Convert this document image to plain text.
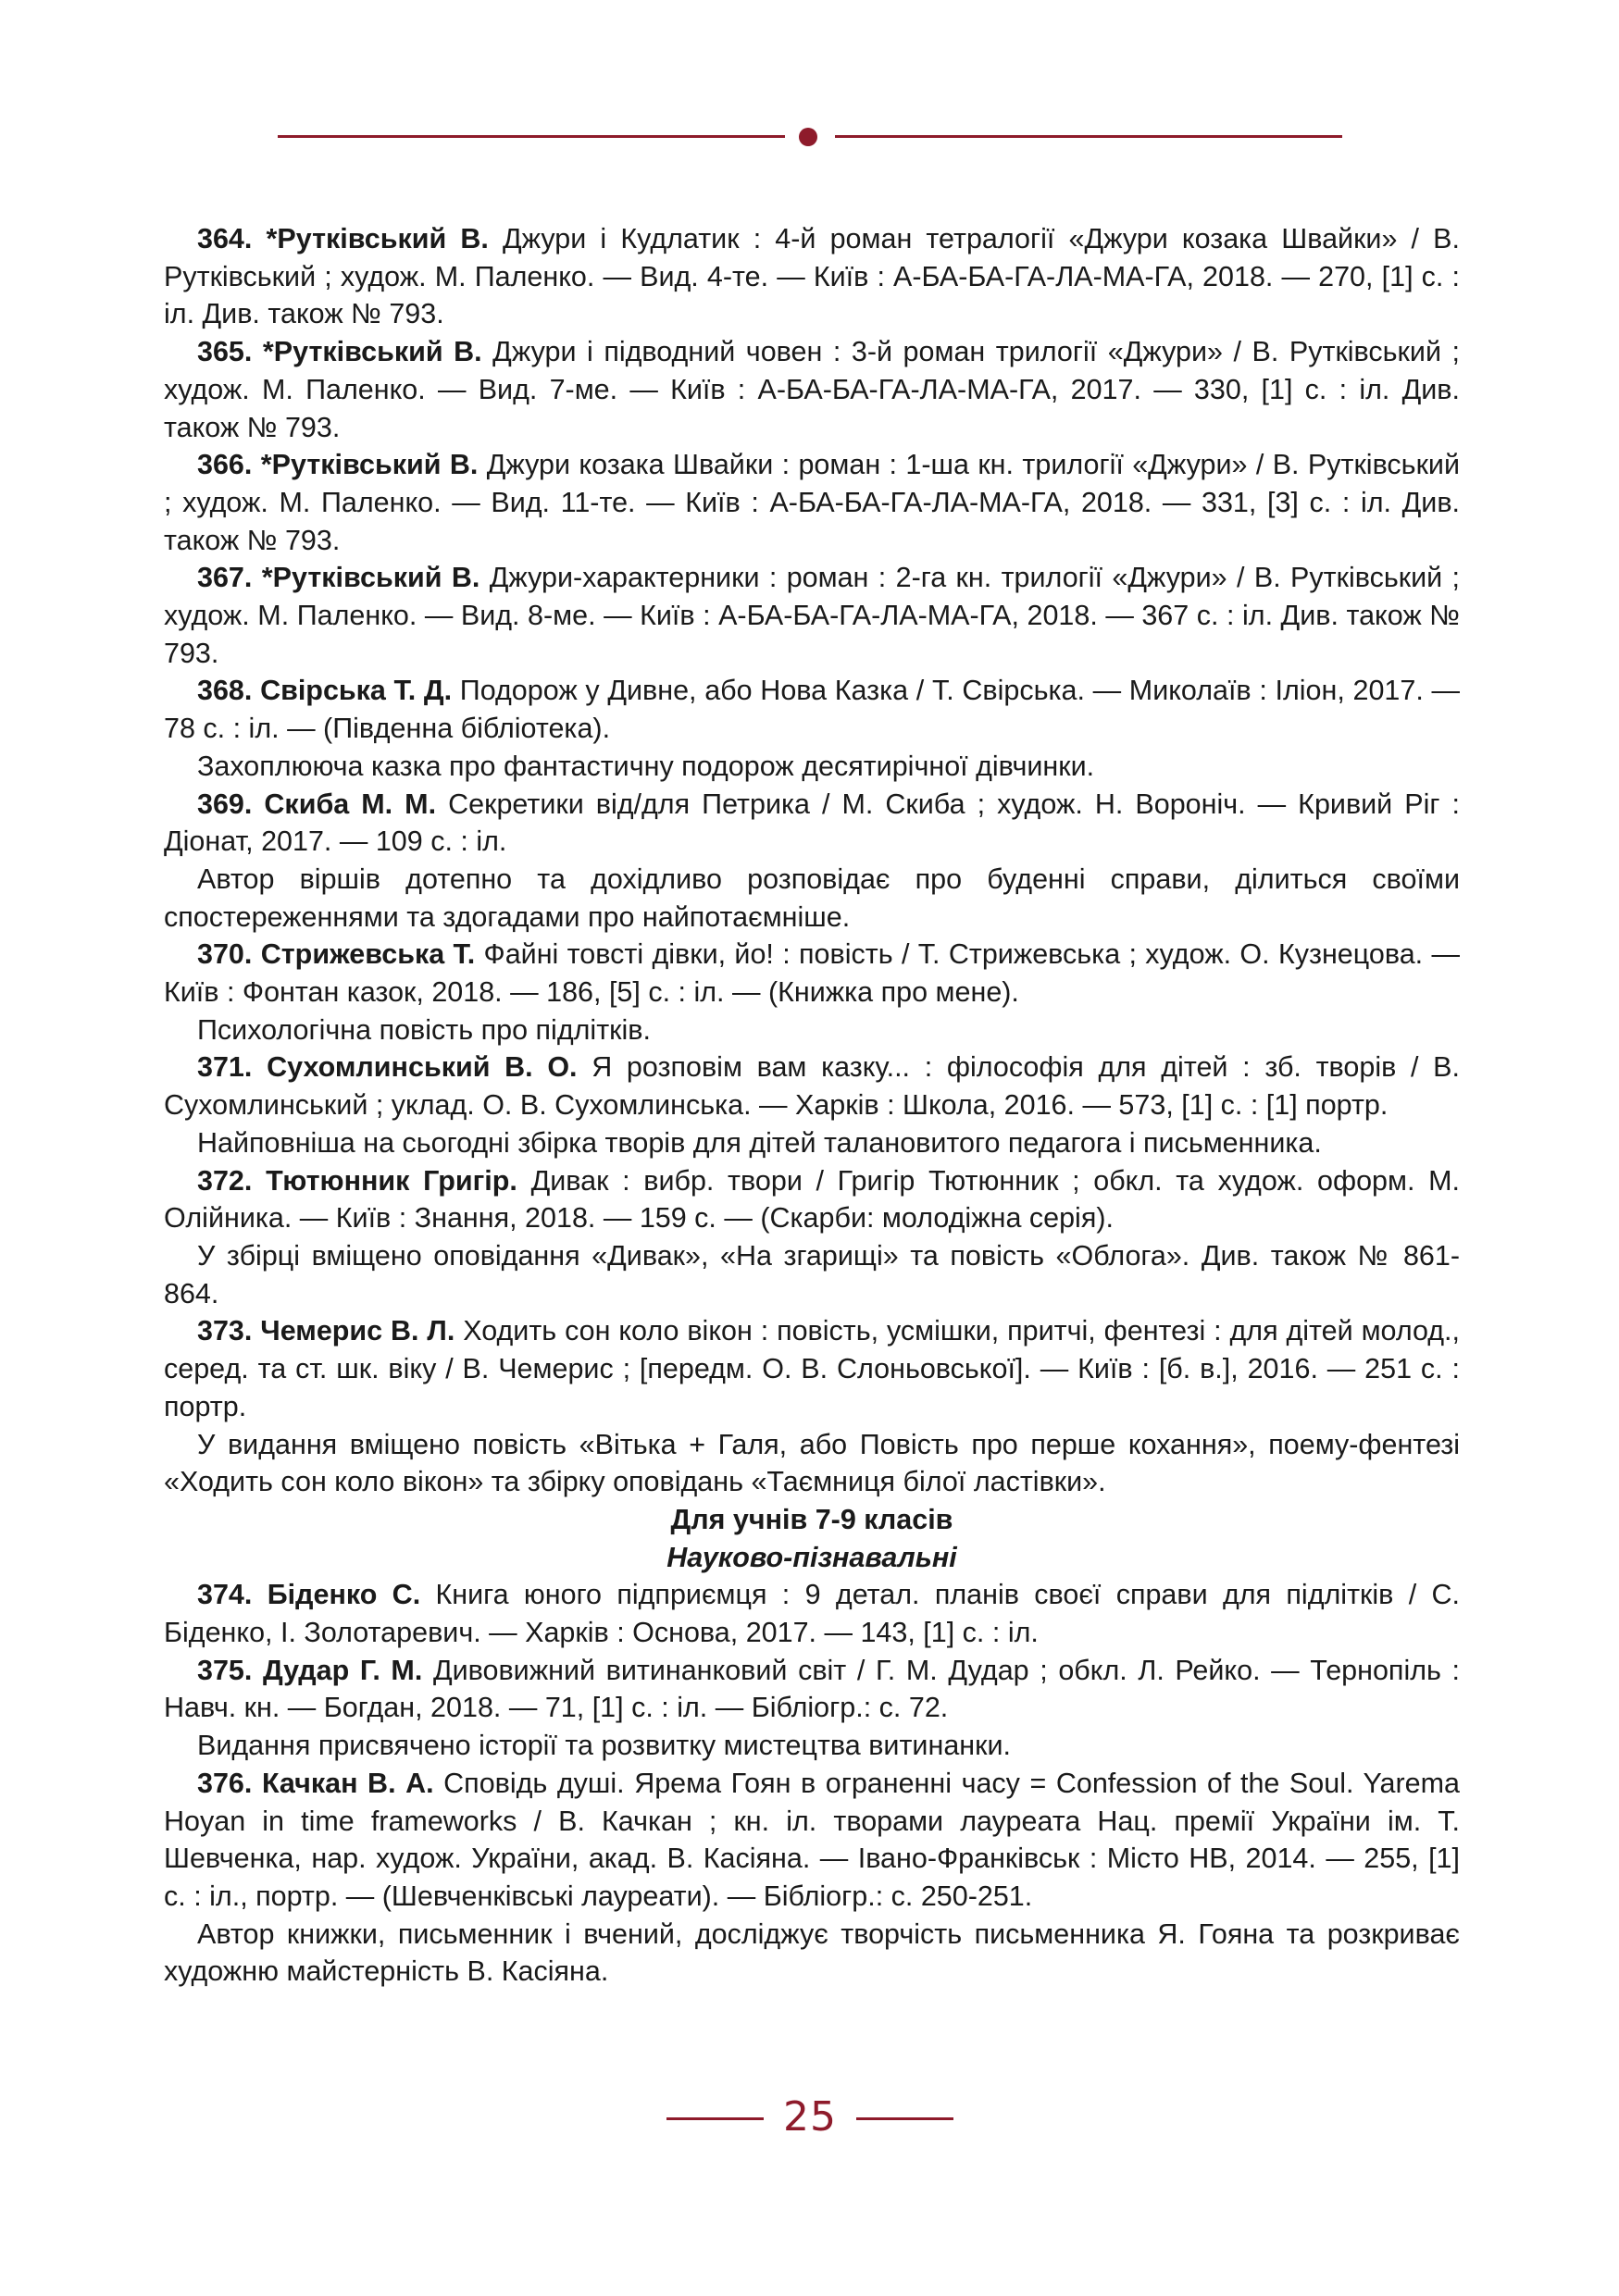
364. *Рутківський В. Джури і Кудлатик : 4-й роман тетралогії «Джури козака Швайки» / В. Рутківський ; худож. М. Паленко. — Вид. 4-те. — Київ : А-БА-БА-ГА-ЛА-МА-ГА, 2018. — 270, [1] с. : іл. Див. також № 793.

365. *Рутківський В. Джури і підводний човен : 3-й роман трилогії «Джури» / В. Рутківський ; худож. М. Паленко. — Вид. 7-ме. — Київ : А-БА-БА-ГА-ЛА-МА-ГА, 2017. — 330, [1] с. : іл. Див. також № 793.

366. *Рутківський В. Джури козака Швайки : роман : 1-ша кн. трилогії «Джури» / В. Рутківський ; худож. М. Паленко. — Вид. 11-те. — Київ : А-БА-БА-ГА-ЛА-МА-ГА, 2018. — 331, [3] с. : іл. Див. також № 793.

367. *Рутківський В. Джури-характерники : роман : 2-га кн. трилогії «Джури» / В. Рутківський ; худож. М. Паленко. — Вид. 8-ме. — Київ : А-БА-БА-ГА-ЛА-МА-ГА, 2018. — 367 с. : іл. Див. також № 793.

368. Свірська Т. Д. Подорож у Дивне, або Нова Казка / Т. Свірська. — Миколаїв : Іліон, 2017. — 78 с. : іл. — (Південна бібліотека).

Захоплююча казка про фантастичну подорож десятирічної дівчинки.

369. Скиба М. М. Секретики від/для Петрика / М. Скиба ; худож. Н. Вороніч. — Кривий Ріг : Діонат, 2017. — 109 с. : іл.

Автор віршів дотепно та дохідливо розповідає про буденні справи, ділиться своїми спостереженнями та здогадами про найпотаємніше.

370. Стрижевська Т. Файні товсті дівки, йо! : повість / Т. Стрижевська ; худож. О. Кузнецова. — Київ : Фонтан казок, 2018. — 186, [5] с. : іл. — (Книжка про мене).

Психологічна повість про підлітків.

371. Сухомлинський В. О. Я розповім вам казку... : філософія для дітей : зб. творів / В. Сухомлинський ; уклад. О. В. Сухомлинська. — Харків : Школа, 2016. — 573, [1] с. : [1] портр.

Найповніша на сьогодні збірка творів для дітей талановитого педагога і письменника.

372. Тютюнник Григір. Дивак : вибр. твори / Григір Тютюнник ; обкл. та худож. оформ. М. Олійника. — Київ : Знання, 2018. — 159 с. — (Скарби: молодіжна серія).

У збірці вміщено оповідання «Дивак», «На згарищі» та повість «Облога». Див. також № 861-864.

373. Чемерис В. Л. Ходить сон коло вікон : повість, усмішки, притчі, фентезі : для дітей молод., серед. та ст. шк. віку / В. Чемерис ; [передм. О. В. Слоньовської]. — Київ : [б. в.], 2016. — 251 с. : портр.

У видання вміщено повість «Вітька + Галя, або Повість про перше кохання», поему-фентезі «Ходить сон коло вікон» та збірку оповідань «Таємниця білої ластівки».

Для учнів 7-9 класів

Науково-пізнавальні

374. Біденко С. Книга юного підприємця : 9 детал. планів своєї справи для підлітків / С. Біденко, І. Золотаревич. — Харків : Основа, 2017. — 143, [1] с. : іл.

375. Дудар Г. М. Дивовижний витинанковий світ / Г. М. Дудар ; обкл. Л. Рейко. — Тернопіль : Навч. кн. — Богдан, 2018. — 71, [1] с. : іл. — Бібліогр.: с. 72.

Видання присвячено історії та розвитку мистецтва витинанки.

376. Качкан В. А. Сповідь душі. Ярема Гоян в ограненні часу = Confession of the Soul. Yarema Hoyan in time frameworks / В. Качкан ; кн. іл. творами лауреата Нац. премії України ім. Т. Шевченка, нар. худож. України, акад. В. Касіяна. — Івано-Франківськ : Місто НВ, 2014. — 255, [1] с. : іл., портр. — (Шевченківські лауреати). — Бібліогр.: с. 250-251.

Автор книжки, письменник і вчений, досліджує творчість письменника Я. Гояна та розкриває художню майстерність В. Касіяна.

25
